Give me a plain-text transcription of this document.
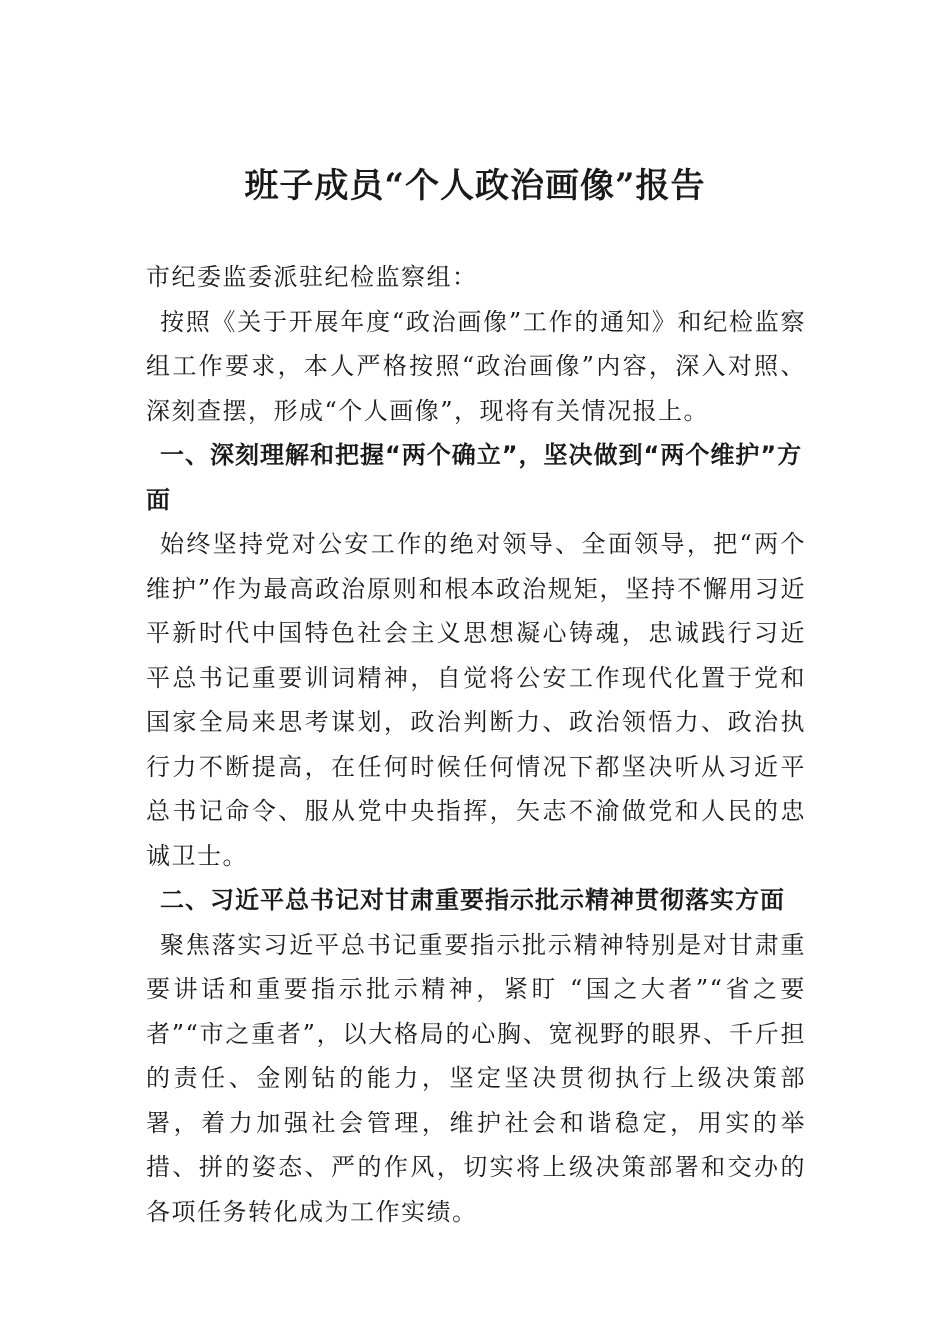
班子成员“个人政治画像”报告

市纪委监委派驻纪检监察组：

按照《关于开展年度“政治画像”工作的通知》和纪检监察组工作要求，本人严格按照“政治画像”内容，深入对照、深刻查摆，形成“个人画像”，现将有关情况报上。

一、深刻理解和把握“两个确立”，坚决做到“两个维护”方面

始终坚持党对公安工作的绝对领导、全面领导，把“两个维护”作为最高政治原则和根本政治规矩，坚持不懈用习近平新时代中国特色社会主义思想凝心铸魂，忠诚践行习近平总书记重要训词精神，自觉将公安工作现代化置于党和国家全局来思考谋划，政治判断力、政治领悟力、政治执行力不断提高，在任何时候任何情况下都坚决听从习近平总书记命令、服从党中央指挥，矢志不渝做党和人民的忠诚卫士。

二、习近平总书记对甘肃重要指示批示精神贯彻落实方面

聚焦落实习近平总书记重要指示批示精神特别是对甘肃重要讲话和重要指示批示精神，紧盯 “国之大者”“省之要者”“市之重者”，以大格局的心胸、宽视野的眼界、千斤担的责任、金刚钻的能力，坚定坚决贯彻执行上级决策部署，着力加强社会管理，维护社会和谐稳定，用实的举措、拼的姿态、严的作风，切实将上级决策部署和交办的各项任务转化成为工作实绩。
